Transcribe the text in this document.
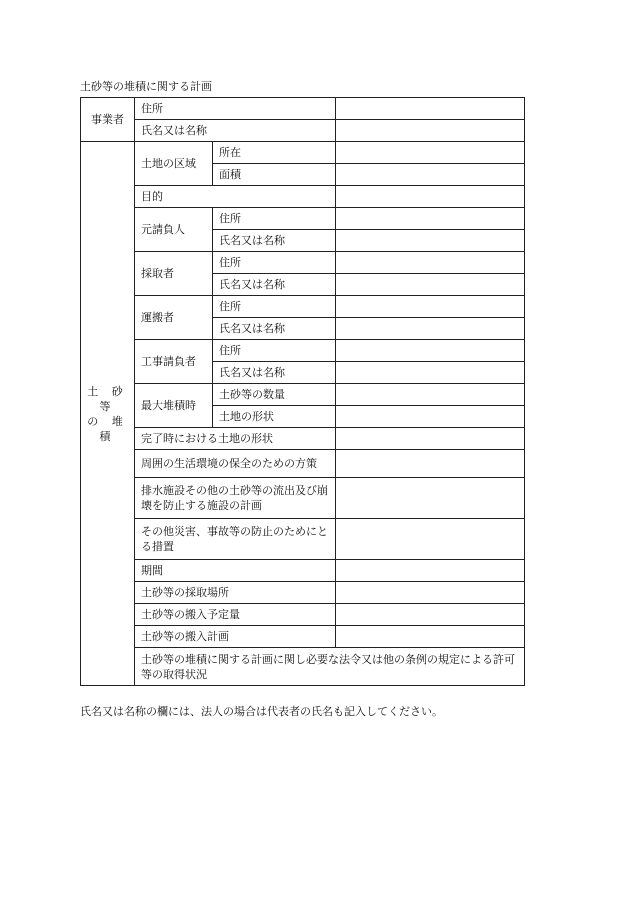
土砂等の堆積に関する計画
事業者	住所			
	氏名又は名称			

土 砂 等
の 堆 積	土地の区域	所在		
		面積		
	目的			
	元請負人	住所		
		氏名又は名称		
	採取者	住所		
		氏名又は名称		
	運搬者	住所		
		氏名又は名称		
	工事請負者	住所		
		氏名又は名称		
	最大堆積時	土砂等の数量		
		土地の形状		
	完了時における土地の形状			
	周囲の生活環境の保全のための方策			
	排水施設その他の土砂等の流出及び崩壊を防止する施設の計画			
	その他災害、事故等の防止のためにとる措置			
	期間			
	土砂等の採取場所			
	土砂等の搬入予定量			
	土砂等の搬入計画			
	土砂等の堆積に関する計画に関し必要な法令又は他の条例の規定による許可等の取得状況			
氏名又は名称の欄には、法人の場合は代表者の氏名も記入してください。
